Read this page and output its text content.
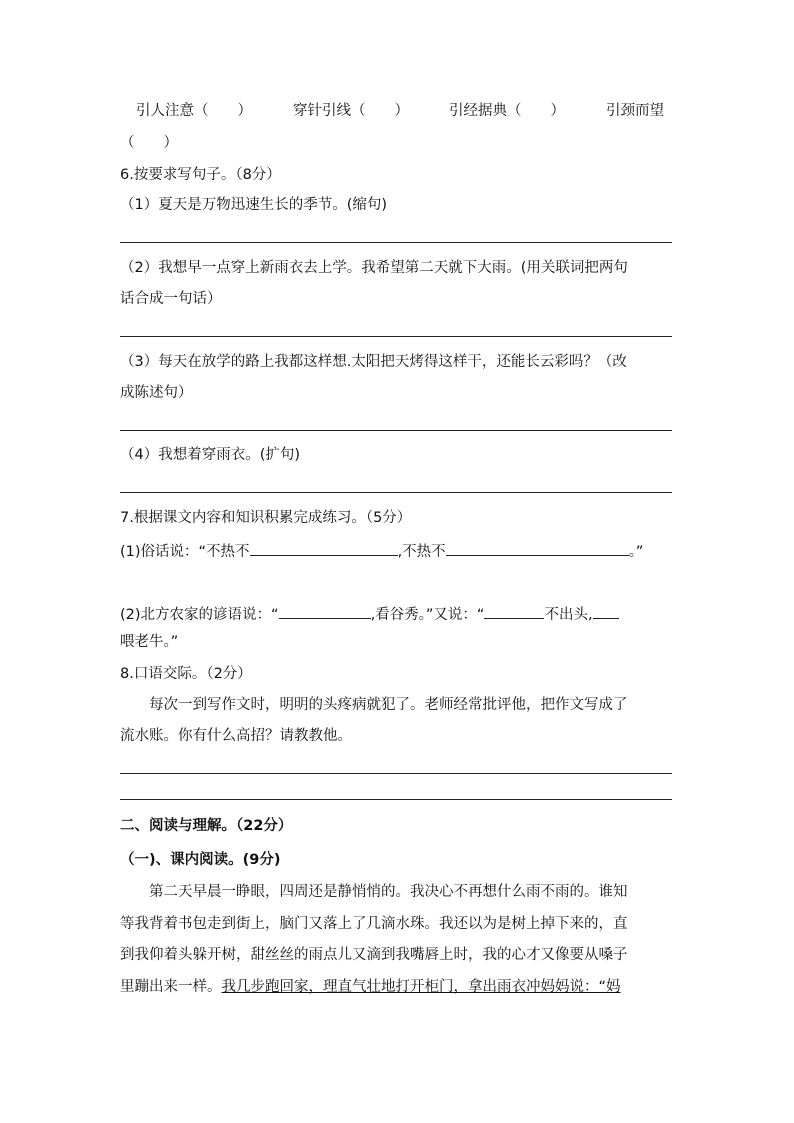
引人注意（　　）	穿针引线（　　）	引经据典（　　）	引颈而望
（　　）
6.按要求写句子。（8分）
（1）夏天是万物迅速生长的季节。(缩句)
（2）我想早一点穿上新雨衣去上学。我希望第二天就下大雨。(用关联词把两句
话合成一句话）
（3）每天在放学的路上我都这样想.太阳把天烤得这样干，还能长云彩吗？（改
成陈述句）
（4）我想着穿雨衣。(扩句)
7.根据课文内容和知识积累完成练习。（5分）
(1)俗话说：“不热不	,不热不	。”
(2)北方农家的谚语说：“	,看谷秀。”又说：“	不出头,
喂老牛。”
8.口语交际。（2分）
每次一到写作文时，明明的头疼病就犯了。老师经常批评他，把作文写成了
流水账。你有什么高招？请教教他。
二、阅读与理解。（22分）
（一)、课内阅读。(9分)
第二天早晨一睁眼，四周还是静悄悄的。我决心不再想什么雨不雨的。谁知
等我背着书包走到街上，脑门又落上了几滴水珠。我还以为是树上掉下来的，直
到我仰着头躲开树，甜丝丝的雨点儿又滴到我嘴唇上时，我的心才又像要从嗓子
里蹦出来一样。我几步跑回家，理直气壮地打开柜门，拿出雨衣冲妈妈说：“妈
